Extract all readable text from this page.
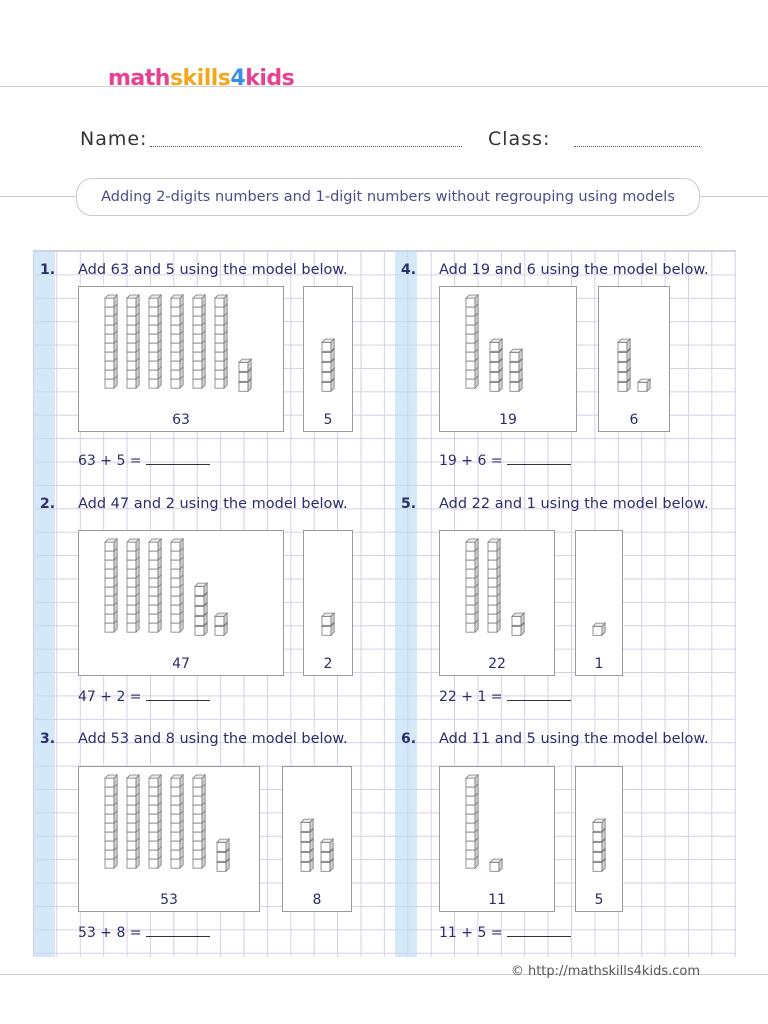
mathskills4kids
Name:	Class:
Adding 2-digits numbers and 1-digit numbers without regrouping using models
1. Add 63 and 5 using the model below.
63	5
63 + 5 =
2. Add 47 and 2 using the model below.
47	2
47 + 2 =
3. Add 53 and 8 using the model below.
53	8
53 + 8 =
4. Add 19 and 6 using the model below.
19	6
19 + 6 =
5. Add 22 and 1 using the model below.
22	1
22 + 1 =
6. Add 11 and 5 using the model below.
11	5
11 + 5 =
© http://mathskills4kids.com
